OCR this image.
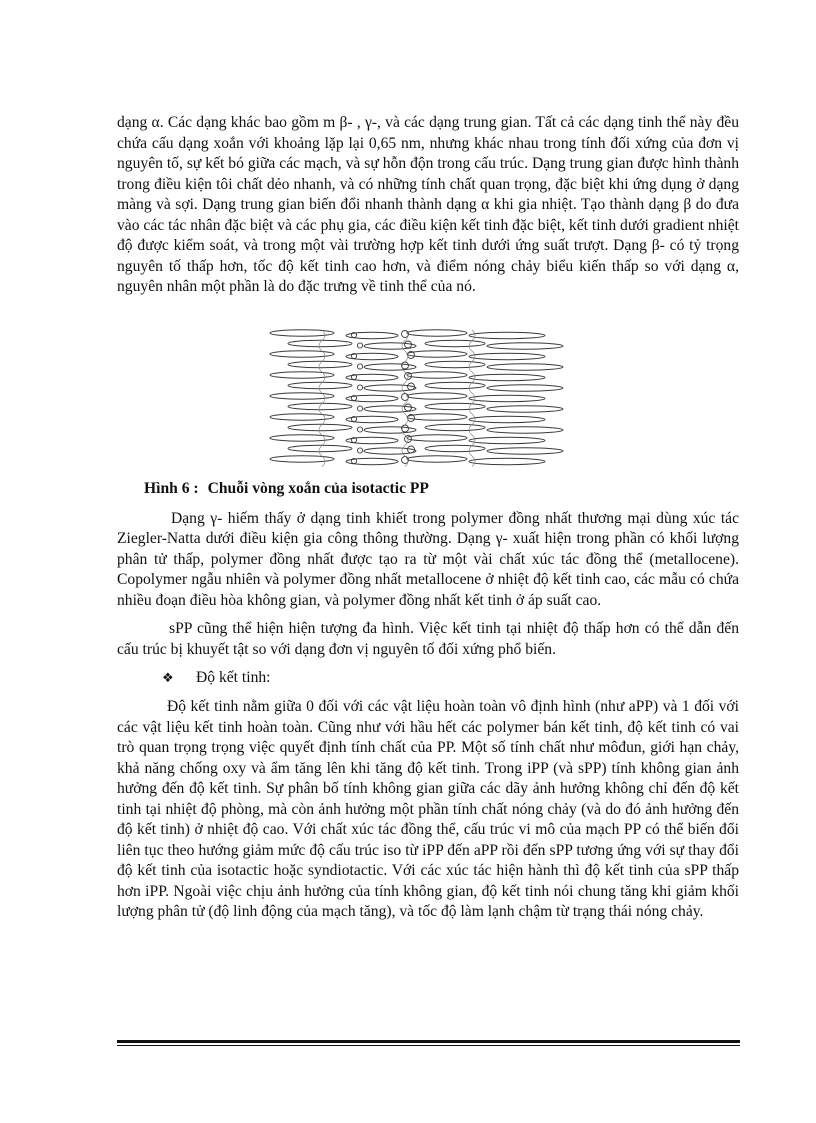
dạng α. Các dạng khác bao gồm m β- , γ-, và các dạng trung gian. Tất cả các dạng tinh thể này đều chứa cấu dạng xoắn với khoảng lặp lại 0,65 nm, nhưng khác nhau trong tính đối xứng của đơn vị nguyên tố, sự kết bó giữa các mạch, và sự hỗn độn trong cấu trúc. Dạng trung gian được hình thành trong điều kiện tôi chất dẻo nhanh, và có những tính chất quan trọng, đặc biệt khi ứng dụng ở dạng màng và sợi. Dạng trung gian biến đổi nhanh thành dạng α khi gia nhiệt. Tạo thành dạng β do đưa vào các tác nhân đặc biệt và các phụ gia, các điều kiện kết tinh đặc biệt, kết tinh dưới gradient nhiệt độ được kiểm soát, và trong một vài trường hợp kết tinh dưới ứng suất trượt. Dạng β- có tỷ trọng nguyên tố thấp hơn, tốc độ kết tinh cao hơn, và điểm nóng chảy biểu kiến thấp so với dạng α, nguyên nhân một phần là do đặc trưng về tinh thể của nó.

Hình 6 : Chuỗi vòng xoắn của isotactic PP

Dạng γ- hiếm thấy ở dạng tinh khiết trong polymer đồng nhất thương mại dùng xúc tác Ziegler-Natta dưới điều kiện gia công thông thường. Dạng γ- xuất hiện trong phần có khối lượng phân tử thấp, polymer đồng nhất được tạo ra từ một vài chất xúc tác đồng thể (metallocene). Copolymer ngẫu nhiên và polymer đồng nhất metallocene ở nhiệt độ kết tinh cao, các mẫu có chứa nhiều đoạn điều hòa không gian, và polymer đồng nhất kết tinh ở áp suất cao.

sPP cũng thể hiện hiện tượng đa hình. Việc kết tinh tại nhiệt độ thấp hơn có thể dẫn đến cấu trúc bị khuyết tật so với dạng đơn vị nguyên tố đối xứng phổ biến.

❖ Độ kết tinh:

Độ kết tinh nằm giữa 0 đối với các vật liệu hoàn toàn vô định hình (như aPP) và 1 đối với các vật liệu kết tinh hoàn toàn. Cũng như với hầu hết các polymer bán kết tinh, độ kết tinh có vai trò quan trọng trọng việc quyết định tính chất của PP. Một số tính chất như môđun, giới hạn chảy, khả năng chống oxy và ẩm tăng lên khi tăng độ kết tinh. Trong iPP (và sPP) tính không gian ảnh hưởng đến độ kết tinh. Sự phân bố tính không gian giữa các dãy ảnh hưởng không chỉ đến độ kết tinh tại nhiệt độ phòng, mà còn ảnh hưởng một phần tính chất nóng chảy (và do đó ảnh hưởng đến độ kết tinh) ở nhiệt độ cao. Với chất xúc tác đồng thể, cấu trúc vi mô của mạch PP có thể biến đổi liên tục theo hướng giảm mức độ cấu trúc iso từ iPP đến aPP rồi đến sPP tương ứng với sự thay đổi độ kết tinh của isotactic hoặc syndiotactic. Với các xúc tác hiện hành thì độ kết tinh của sPP thấp hơn iPP. Ngoài việc chịu ảnh hưởng của tính không gian, độ kết tinh nói chung tăng khi giảm khối lượng phân tử (độ linh động của mạch tăng), và tốc độ làm lạnh chậm từ trạng thái nóng chảy.
